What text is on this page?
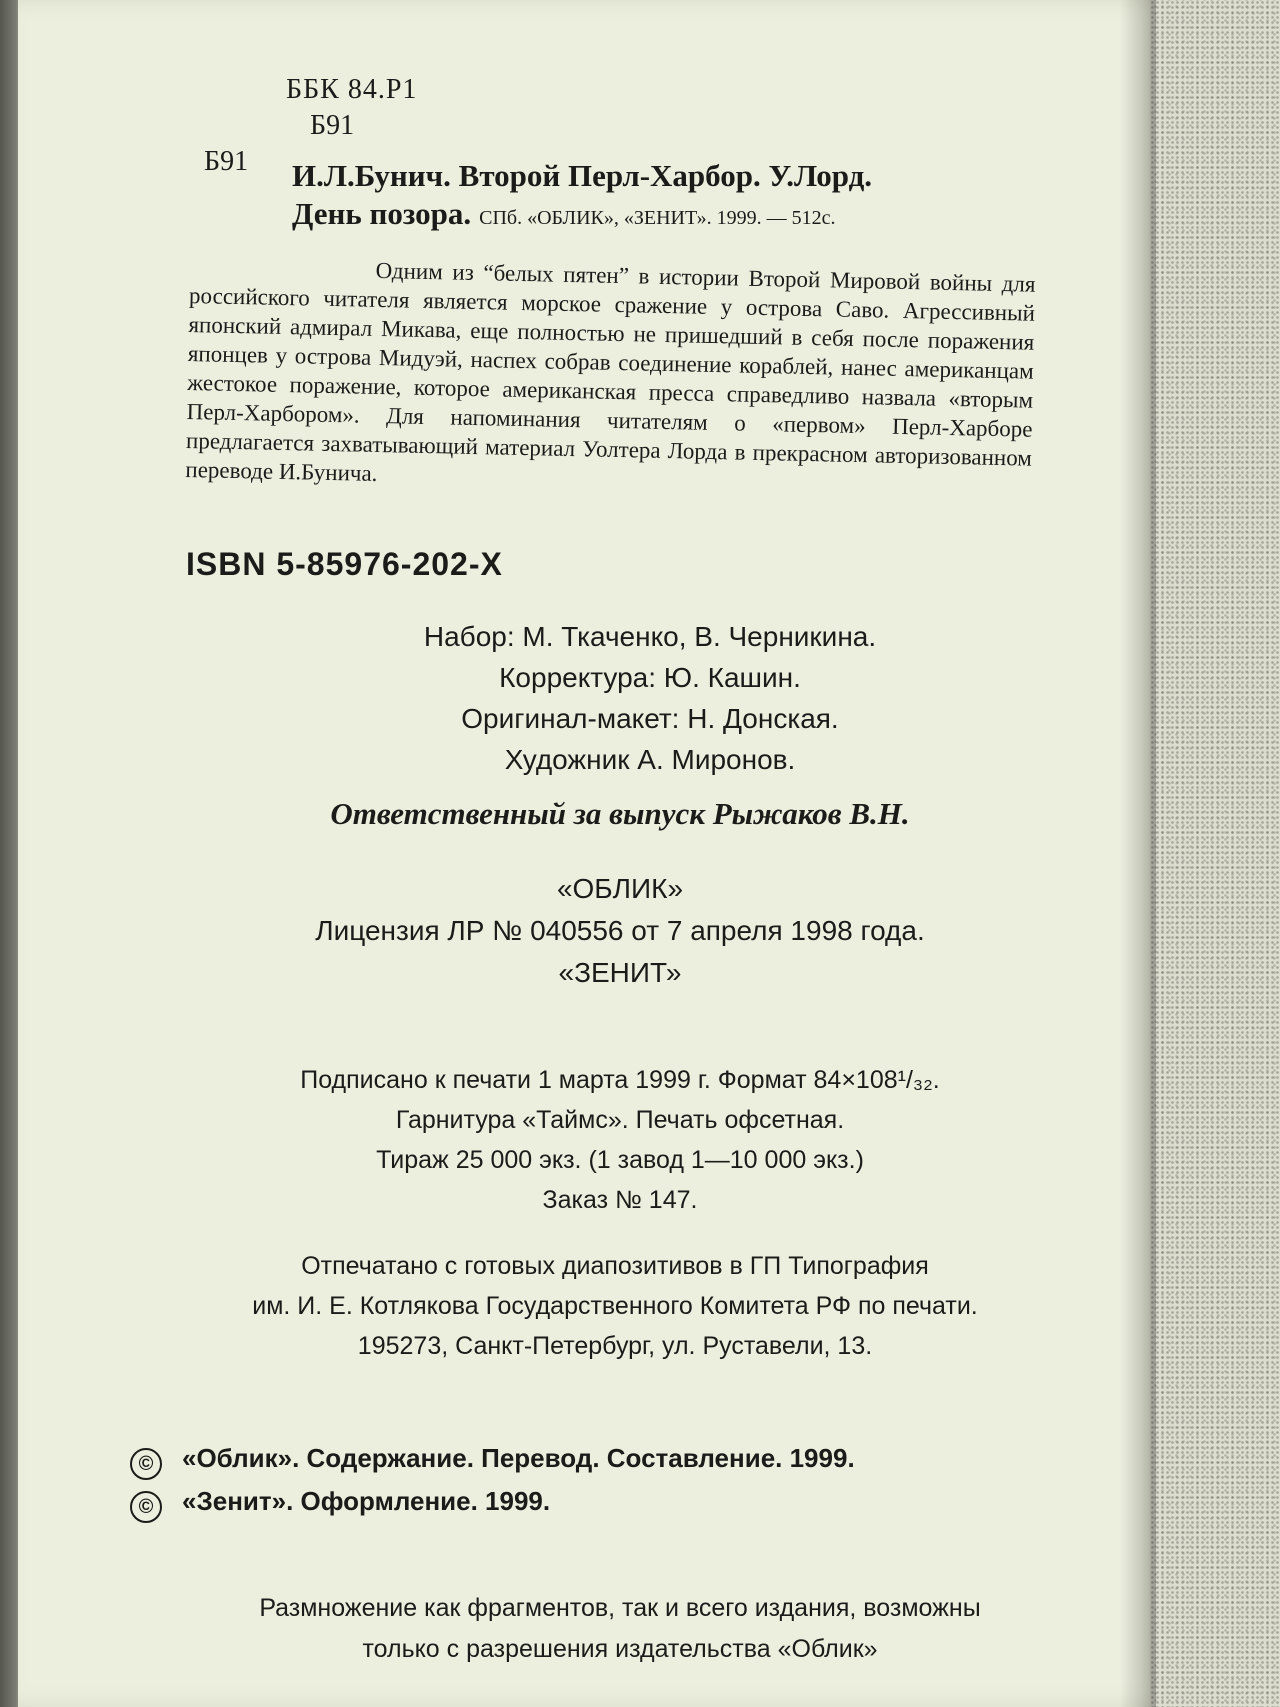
ББК 84.Р1
Б91
Б91 И.Л.Бунич. Второй Перл-Харбор. У.Лорд.
День позора. СПб. «ОБЛИК», «ЗЕНИТ». 1999. — 512с.
Одним из “белых пятен” в истории Второй Мировой войны для российского читателя является морское сражение у острова Саво. Агрессивный японский адмирал Микава, еще полностью не пришедший в себя после поражения японцев у острова Мидуэй, наспех собрав соединение кораблей, нанес американцам жестокое поражение, которое американская пресса справедливо назвала «вторым Перл-Харбором». Для напоминания читателям о «первом» Перл-Харборе предлагается захватывающий материал Уолтера Лорда в прекрасном авторизованном переводе И.Бунича.
ISBN 5-85976-202-X
Набор: М. Ткаченко, В. Черникина.
Корректура: Ю. Кашин.
Оригинал-макет: Н. Донская.
Художник А. Миронов.
Ответственный за выпуск Рыжаков В.Н.
«ОБЛИК»
Лицензия ЛР № 040556 от 7 апреля 1998 года.
«ЗЕНИТ»
Подписано к печати 1 марта 1999 г. Формат 84×108¹/₃₂.
Гарнитура «Таймс». Печать офсетная.
Тираж 25 000 экз. (1 завод 1—10 000 экз.)
Заказ № 147.
Отпечатано с готовых диапозитивов в ГП Типография
им. И. Е. Котлякова Государственного Комитета РФ по печати.
195273, Санкт-Петербург, ул. Руставели, 13.
© «Облик». Содержание. Перевод. Составление. 1999.
© «Зенит». Оформление. 1999.
Размножение как фрагментов, так и всего издания, возможны
только с разрешения издательства «Облик»
